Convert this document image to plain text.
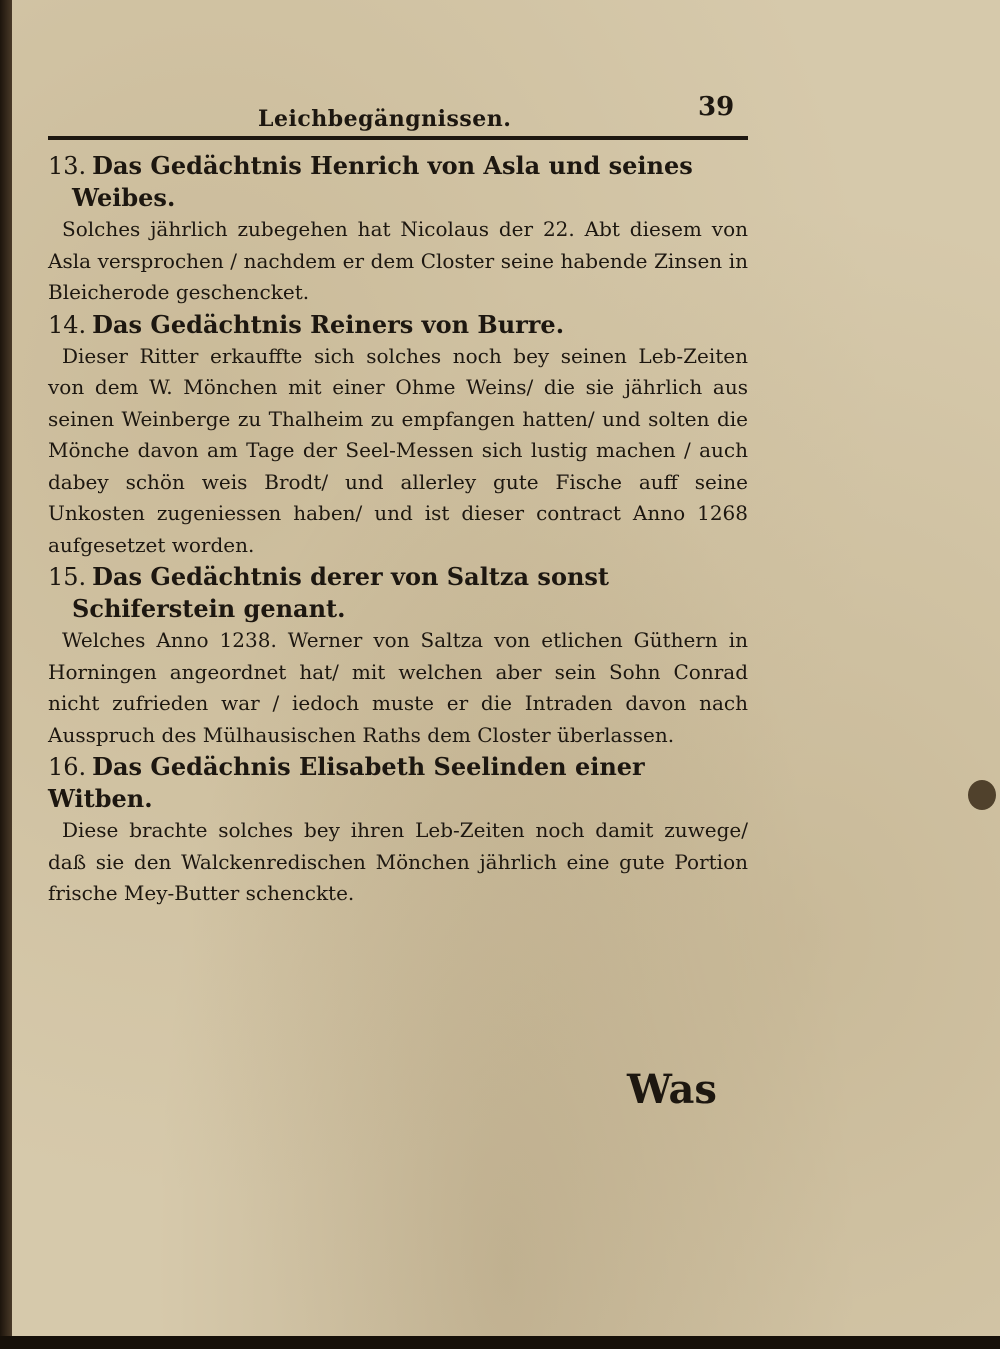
Leichbegängnissen.	39

13. Das Gedächtnis Henrich von Asla und seines Weibes.

Solches jährlich zubegehen hat Nicolaus der 22. Abt diesem von Asla versprochen / nachdem er dem Closter seine habende Zinsen in Bleicherode geschencket.

14. Das Gedächtnis Reiners von Burre.

Dieser Ritter erkauffte sich solches noch bey seinen Leb-Zeiten von dem W. Mönchen mit einer Ohme Weins/ die sie jährlich aus seinen Weinberge zu Thalheim zu empfangen hatten/ und solten die Mönche davon am Tage der Seel-Messen sich lustig machen / auch dabey schön weis Brodt/ und allerley gute Fische auff seine Unkosten zugeniessen haben/ und ist dieser contract Anno 1268 aufgesetzet worden.

15. Das Gedächtnis derer von Saltza sonst Schiferstein genant.

Welches Anno 1238. Werner von Saltza von etlichen Güthern in Horningen angeordnet hat/ mit welchen aber sein Sohn Conrad nicht zufrieden war / iedoch muste er die Intraden davon nach Ausspruch des Mülhausischen Raths dem Closter überlassen.

16. Das Gedächnis Elisabeth Seelinden einer Witben.

Diese brachte solches bey ihren Leb-Zeiten noch damit zuwege/ daß sie den Walckenredischen Mönchen jährlich eine gute Portion frische Mey-Butter schenckte.

Was
